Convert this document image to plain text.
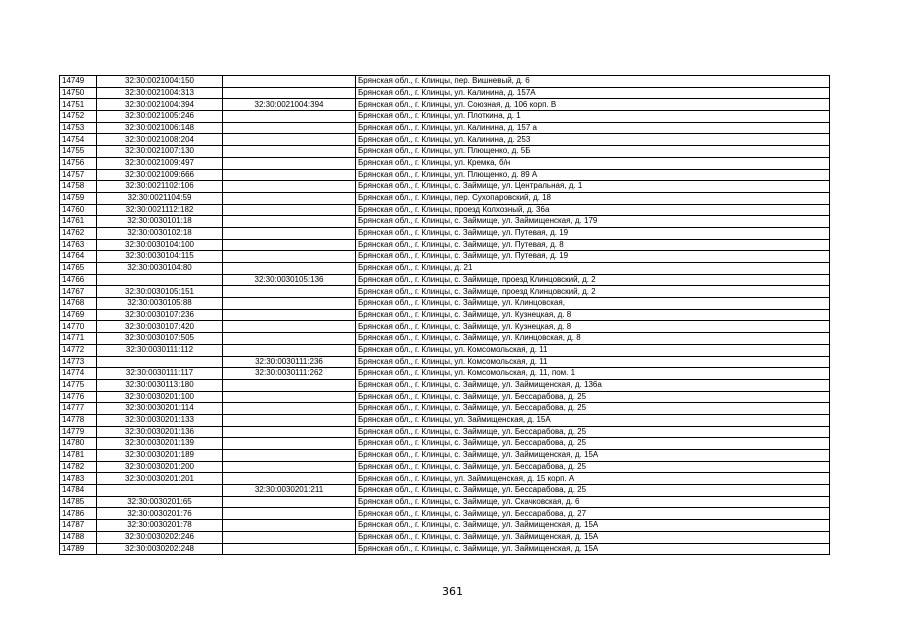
14749	32:30:0021004:150		Брянская обл., г. Клинцы, пер. Вишневый, д. 6
14750	32:30:0021004:313		Брянская обл., г. Клинцы, ул. Калинина, д. 157А
14751	32:30:0021004:394	32:30:0021004:394	Брянская обл., г. Клинцы, ул. Союзная, д. 106 корп. В
14752	32:30:0021005:246		Брянская обл., г. Клинцы, ул. Плоткина, д. 1
14753	32:30:0021006:148		Брянская обл., г. Клинцы, ул. Калинина, д. 157 а
14754	32:30:0021008:204		Брянская обл., г. Клинцы, ул. Калинина, д. 253
14755	32:30:0021007:130		Брянская обл., г. Клинцы, ул. Плющенко, д. 5Б
14756	32:30:0021009:497		Брянская обл., г. Клинцы, ул. Кремка, б/н
14757	32:30:0021009:666		Брянская обл., г. Клинцы, ул. Плющенко, д. 89 А
14758	32:30:0021102:106		Брянская обл., г. Клинцы, с. Займище, ул. Центральная, д. 1
14759	32:30:0021104:59		Брянская обл., г. Клинцы, пер. Сухопаровский, д. 18
14760	32:30:0021112:182		Брянская обл., г. Клинцы, проезд Колхозный, д. 36а
14761	32:30:0030101:18		Брянская обл., г. Клинцы, с. Займище, ул. Займищенская, д. 179
14762	32:30:0030102:18		Брянская обл., г. Клинцы, с. Займище, ул. Путевая, д. 19
14763	32:30:0030104:100		Брянская обл., г. Клинцы, с. Займище, ул. Путевая, д. 8
14764	32:30:0030104:115		Брянская обл., г. Клинцы, с. Займище, ул. Путевая, д. 19
14765	32:30:0030104:80		Брянская обл., г. Клинцы, д. 21
14766		32:30:0030105:136	Брянская обл., г. Клинцы, с. Займище, проезд Клинцовский, д. 2
14767	32:30:0030105:151		Брянская обл., г. Клинцы, с. Займище, проезд Клинцовский, д. 2
14768	32:30:0030105:88		Брянская обл., г. Клинцы, с. Займище, ул. Клинцовская,
14769	32:30:0030107:236		Брянская обл., г. Клинцы, с. Займище, ул. Кузнецкая, д. 8
14770	32:30:0030107:420		Брянская обл., г. Клинцы, с. Займище, ул. Кузнецкая, д. 8
14771	32:30:0030107:505		Брянская обл., г. Клинцы, с. Займище, ул. Клинцовская, д. 8
14772	32:30:0030111:112		Брянская обл., г. Клинцы, ул. Комсомольская, д. 11
14773		32:30:0030111:236	Брянская обл., г. Клинцы, ул. Комсомольская, д. 11
14774	32:30:0030111:117	32:30:0030111:262	Брянская обл., г. Клинцы, ул. Комсомольская, д. 11, пом. 1
14775	32:30:0030113:180		Брянская обл., г. Клинцы, с. Займище, ул. Займищенская, д. 136а
14776	32:30:0030201:100		Брянская обл., г. Клинцы, с. Займище, ул. Бессарабова, д. 25
14777	32:30:0030201:114		Брянская обл., г. Клинцы, с. Займище, ул. Бессарабова, д. 25
14778	32:30:0030201:133		Брянская обл., г. Клинцы, ул. Займищенская, д. 15А
14779	32:30:0030201:136		Брянская обл., г. Клинцы, с. Займище, ул. Бессарабова, д. 25
14780	32:30:0030201:139		Брянская обл., г. Клинцы, с. Займище, ул. Бессарабова, д. 25
14781	32:30:0030201:189		Брянская обл., г. Клинцы, с. Займище, ул. Займищенская, д. 15А
14782	32:30:0030201:200		Брянская обл., г. Клинцы, с. Займище, ул. Бессарабова, д. 25
14783	32:30:0030201:201		Брянская обл., г. Клинцы, ул. Займищенская, д. 15 корп. А
14784		32:30:0030201:211	Брянская обл., г. Клинцы, с. Займище, ул. Бессарабова, д. 25
14785	32:30:0030201:65		Брянская обл., г. Клинцы, с. Займище, ул. Скачковская, д. 6
14786	32:30:0030201:76		Брянская обл., г. Клинцы, с. Займище, ул. Бессарабова, д. 27
14787	32:30:0030201:78		Брянская обл., г. Клинцы, с. Займище, ул. Займищенская, д. 15А
14788	32:30:0030202:246		Брянская обл., г. Клинцы, с. Займище, ул. Займищенская, д. 15А
14789	32:30:0030202:248		Брянская обл., г. Клинцы, с. Займище, ул. Займищенская, д. 15А
361
